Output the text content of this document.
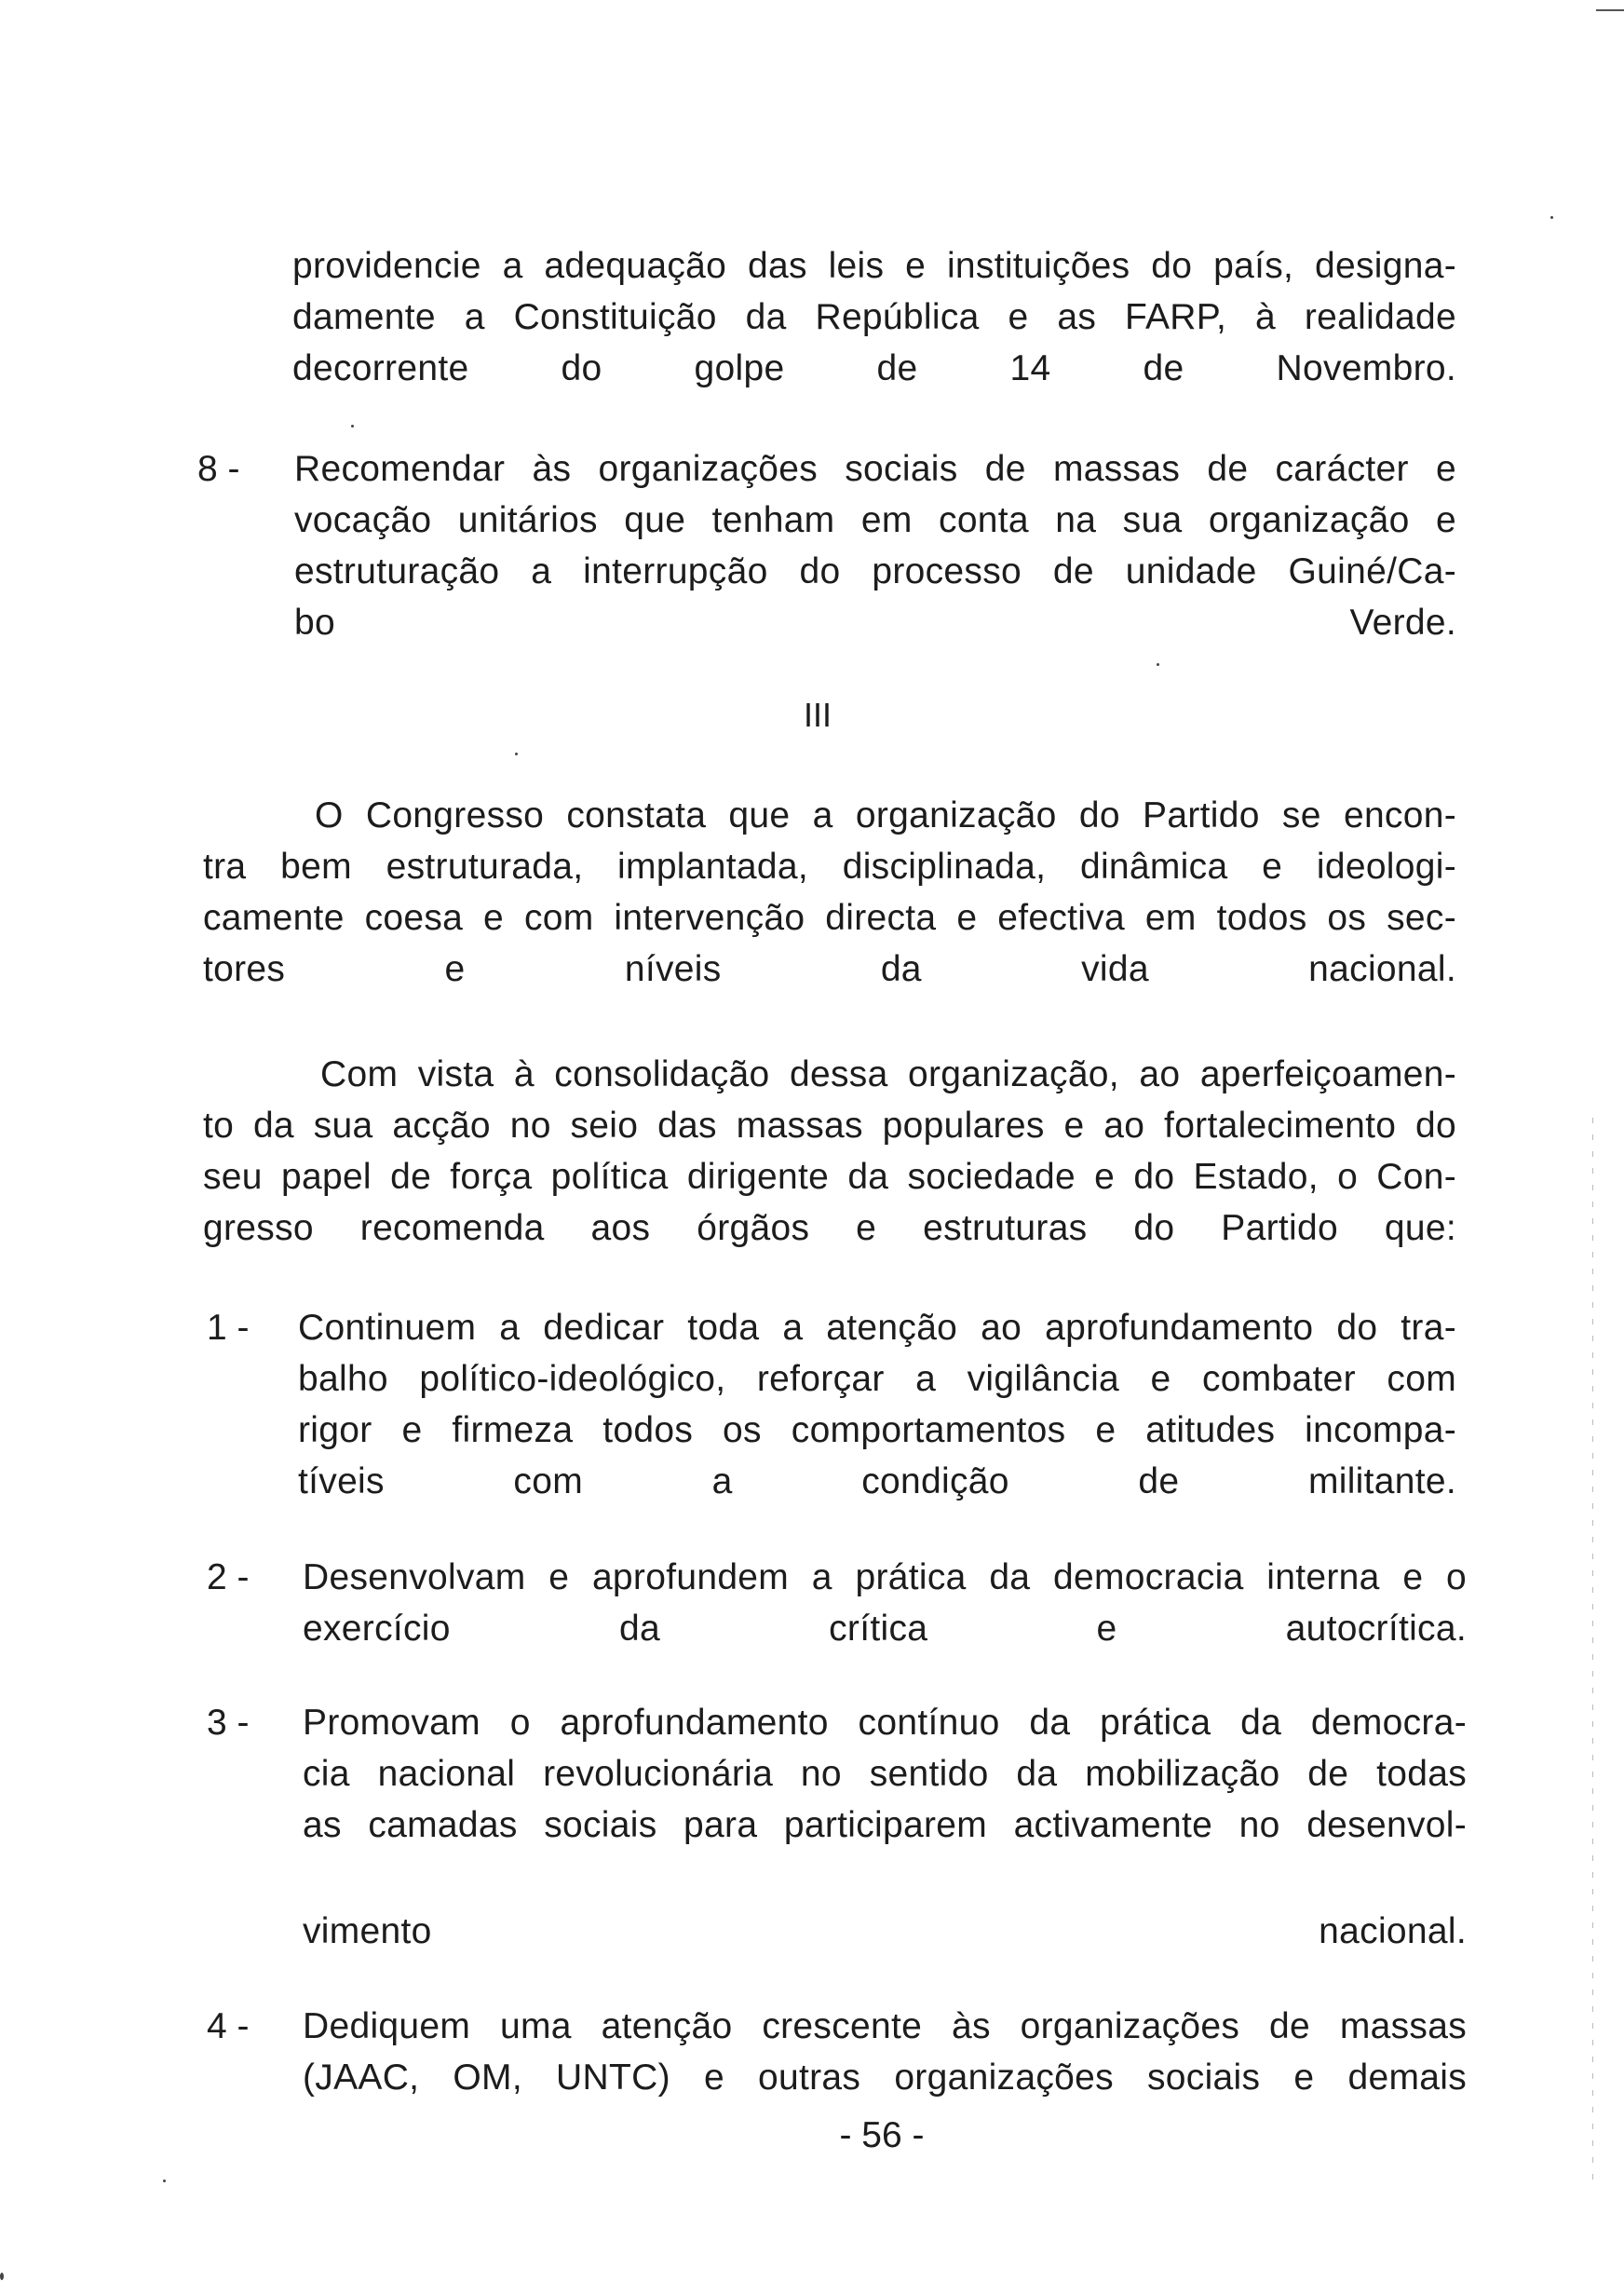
providencie a adequação das leis e instituições do país, designa-
damente a Constituição da República e as FARP, à realidade
decorrente do golpe de 14 de Novembro.
8 - Recomendar às organizações sociais de massas de carácter e
vocação unitários que tenham em conta na sua organização e
estruturação a interrupção do processo de unidade Guiné/Ca-
bo Verde.
III
O Congresso constata que a organização do Partido se encon-
tra bem estruturada, implantada, disciplinada, dinâmica e ideologi-
camente coesa e com intervenção directa e efectiva em todos os sec-
tores e níveis da vida nacional.
Com vista à consolidação dessa organização, ao aperfeiçoamen-
to da sua acção no seio das massas populares e ao fortalecimento do
seu papel de força política dirigente da sociedade e do Estado, o Con-
gresso recomenda aos órgãos e estruturas do Partido que:
1 - Continuem a dedicar toda a atenção ao aprofundamento do tra-
balho político-ideológico, reforçar a vigilância e combater com
rigor e firmeza todos os comportamentos e atitudes incompa-
tíveis com a condição de militante.
2 - Desenvolvam e aprofundem a prática da democracia interna e o
exercício da crítica e autocrítica.
3 - Promovam o aprofundamento contínuo da prática da democra-
cia nacional revolucionária no sentido da mobilização de todas
as camadas sociais para participarem activamente no desenvol-
vimento nacional.
4 - Dediquem uma atenção crescente às organizações de massas
(JAAC, OM, UNTC) e outras organizações sociais e demais
- 56 -
